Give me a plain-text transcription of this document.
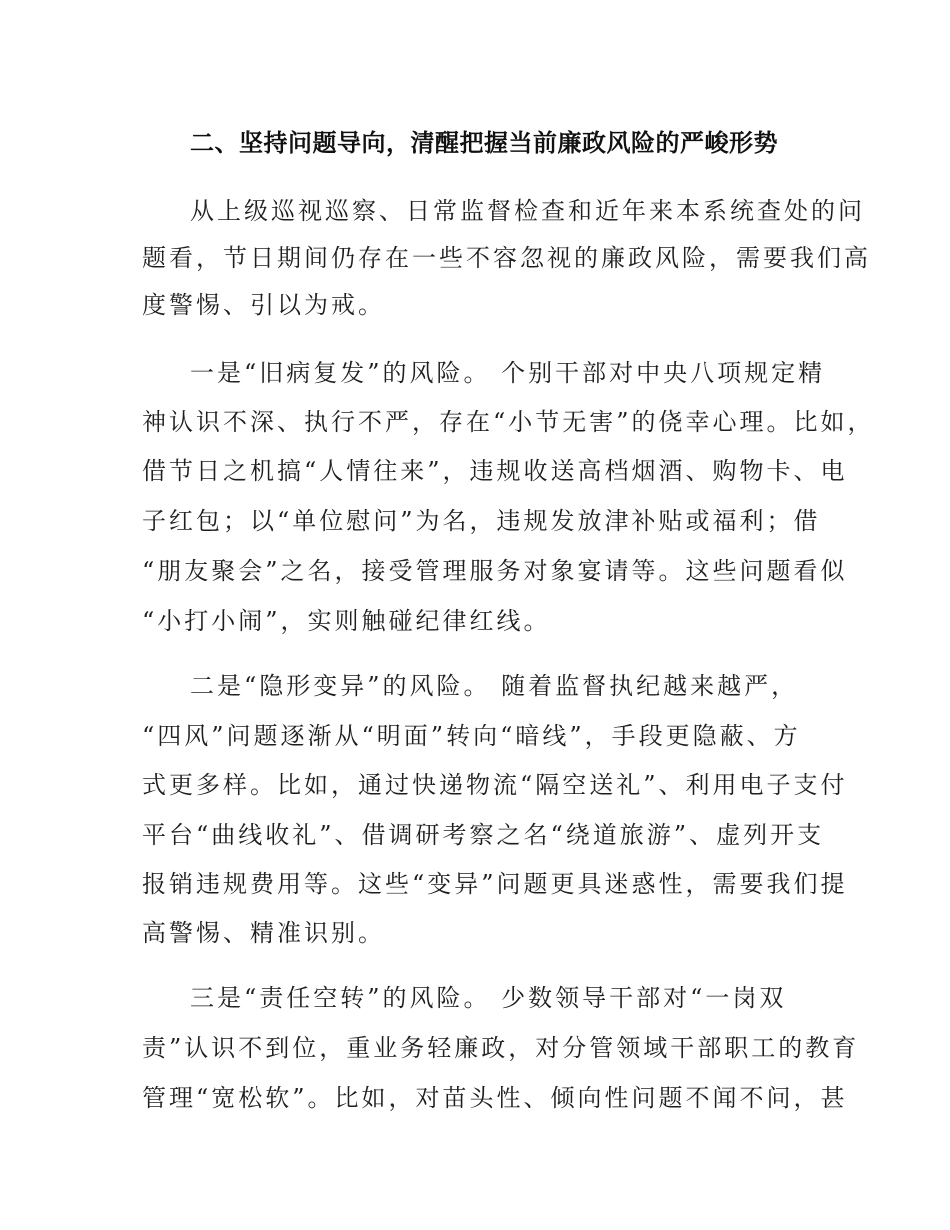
二、坚持问题导向，清醒把握当前廉政风险的严峻形势
从上级巡视巡察、日常监督检查和近年来本系统查处的问
题看，节日期间仍存在一些不容忽视的廉政风险，需要我们高
度警惕、引以为戒。
一是“旧病复发”的风险。 个别干部对中央八项规定精
神认识不深、执行不严，存在“小节无害”的侥幸心理。比如，
借节日之机搞“人情往来”，违规收送高档烟酒、购物卡、电
子红包；以“单位慰问”为名，违规发放津补贴或福利；借
“朋友聚会”之名，接受管理服务对象宴请等。这些问题看似
“小打小闹”，实则触碰纪律红线。
二是“隐形变异”的风险。 随着监督执纪越来越严，
“四风”问题逐渐从“明面”转向“暗线”，手段更隐蔽、方
式更多样。比如，通过快递物流“隔空送礼”、利用电子支付
平台“曲线收礼”、借调研考察之名“绕道旅游”、虚列开支
报销违规费用等。这些“变异”问题更具迷惑性，需要我们提
高警惕、精准识别。
三是“责任空转”的风险。 少数领导干部对“一岗双
责”认识不到位，重业务轻廉政，对分管领域干部职工的教育
管理“宽松软”。比如，对苗头性、倾向性问题不闻不问，甚
